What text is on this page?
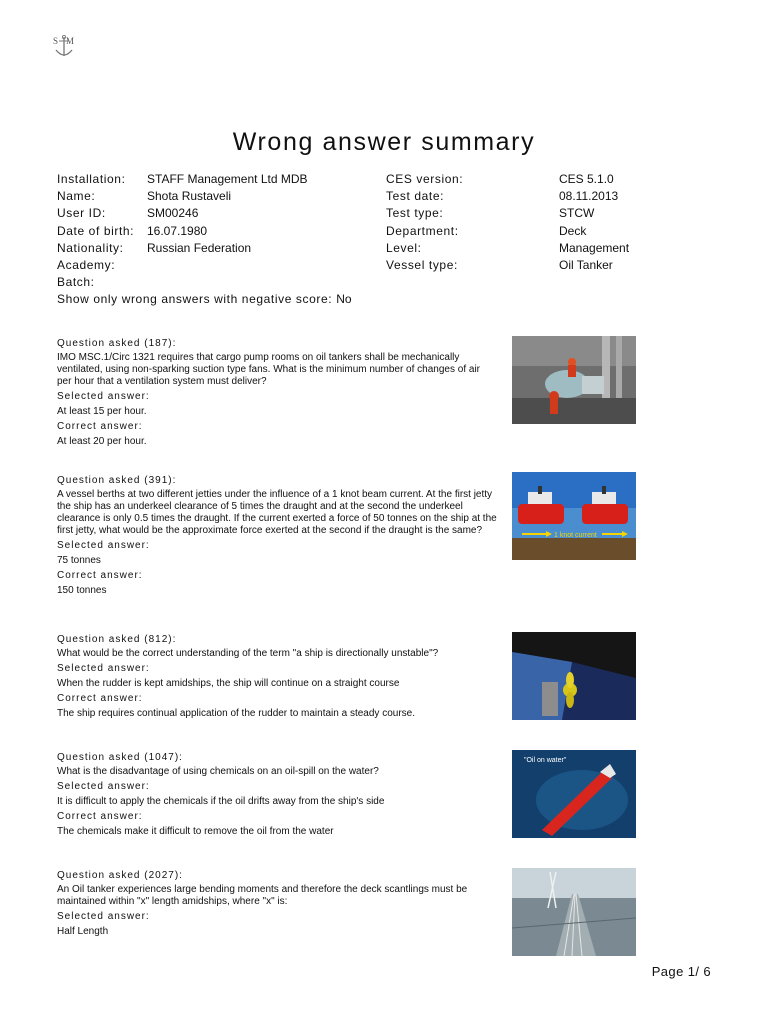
S M
Wrong answer summary
Installation: STAFF Management Ltd MDB
Name:	Shota Rustaveli
User ID:	SM00246
Date of birth: 16.07.1980
Nationality: Russian Federation
Academy:
Batch:
CES version:	CES 5.1.0
Test date:	08.11.2013
Test type:	STCW
Department:	Deck
Level:	Management
Vessel type:	Oil Tanker
Show only wrong answers with negative score: No
Question asked (187):
IMO MSC.1/Circ 1321 requires that cargo pump rooms on oil tankers shall be mechanically ventilated, using non-sparking suction type fans. What is the minimum number of changes of air per hour that a ventilation system must deliver?
Selected answer:
At least 15 per hour.
Correct answer:
At least 20 per hour.
Question asked (391):
A vessel berths at two different jetties under the influence of a 1 knot beam current. At the first jetty the ship has an underkeel clearance of 5 times the draught and at the second the underkeel clearance is only 0.5 times the draught. If the current exerted a force of 50 tonnes on the ship at the first jetty, what would be the approximate force exerted at the second if the draught is the same?
Selected answer:
75 tonnes
Correct answer:
150 tonnes
1 knot current
Question asked (812):
What would be the correct understanding of the term "a ship is directionally unstable"?
Selected answer:
When the rudder is kept amidships, the ship will continue on a straight course
Correct answer:
The ship requires continual application of the rudder to maintain a steady course.
Question asked (1047):
What is the disadvantage of using chemicals on an oil-spill on the water?
Selected answer:
It is difficult to apply the chemicals if the oil drifts away from the ship's side
Correct answer:
The chemicals make it difficult to remove the oil from the water
"Oil on water"
Question asked (2027):
An Oil tanker experiences large bending moments and therefore the deck scantlings must be maintained within "x" length amidships, where "x" is:
Selected answer:
Half Length
Page 1/ 6
